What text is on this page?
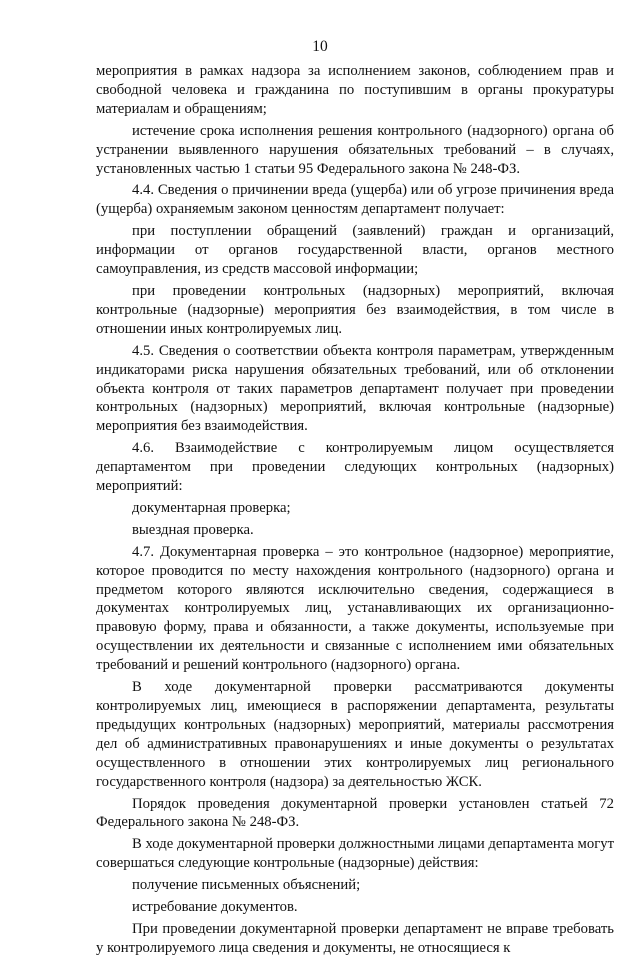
10

мероприятия в рамках надзора за исполнением законов, соблюдением прав и свободной человека и гражданина по поступившим в органы прокуратуры материалам и обращениям;

истечение срока исполнения решения контрольного (надзорного) органа об устранении выявленного нарушения обязательных требований – в случаях, установленных частью 1 статьи 95 Федерального закона № 248-ФЗ.

4.4. Сведения о причинении вреда (ущерба) или об угрозе причинения вреда (ущерба) охраняемым законом ценностям департамент получает:

при поступлении обращений (заявлений) граждан и организаций, информации от органов государственной власти, органов местного самоуправления, из средств массовой информации;

при проведении контрольных (надзорных) мероприятий, включая контрольные (надзорные) мероприятия без взаимодействия, в том числе в отношении иных контролируемых лиц.

4.5. Сведения о соответствии объекта контроля параметрам, утвержденным индикаторами риска нарушения обязательных требований, или об отклонении объекта контроля от таких параметров департамент получает при проведении контрольных (надзорных) мероприятий, включая контрольные (надзорные) мероприятия без взаимодействия.

4.6. Взаимодействие с контролируемым лицом осуществляется департаментом при проведении следующих контрольных (надзорных) мероприятий:

документарная проверка;

выездная проверка.

4.7. Документарная проверка – это контрольное (надзорное) мероприятие, которое проводится по месту нахождения контрольного (надзорного) органа и предметом которого являются исключительно сведения, содержащиеся в документах контролируемых лиц, устанавливающих их организационно-правовую форму, права и обязанности, а также документы, используемые при осуществлении их деятельности и связанные с исполнением ими обязательных требований и решений контрольного (надзорного) органа.

В ходе документарной проверки рассматриваются документы контролируемых лиц, имеющиеся в распоряжении департамента, результаты предыдущих контрольных (надзорных) мероприятий, материалы рассмотрения дел об административных правонарушениях и иные документы о результатах осуществленного в отношении этих контролируемых лиц регионального государственного контроля (надзора) за деятельностью ЖСК.

Порядок проведения документарной проверки установлен статьей 72 Федерального закона № 248-ФЗ.

В ходе документарной проверки должностными лицами департамента могут совершаться следующие контрольные (надзорные) действия:

получение письменных объяснений;

истребование документов.

При проведении документарной проверки департамент не вправе требовать у контролируемого лица сведения и документы, не относящиеся к
